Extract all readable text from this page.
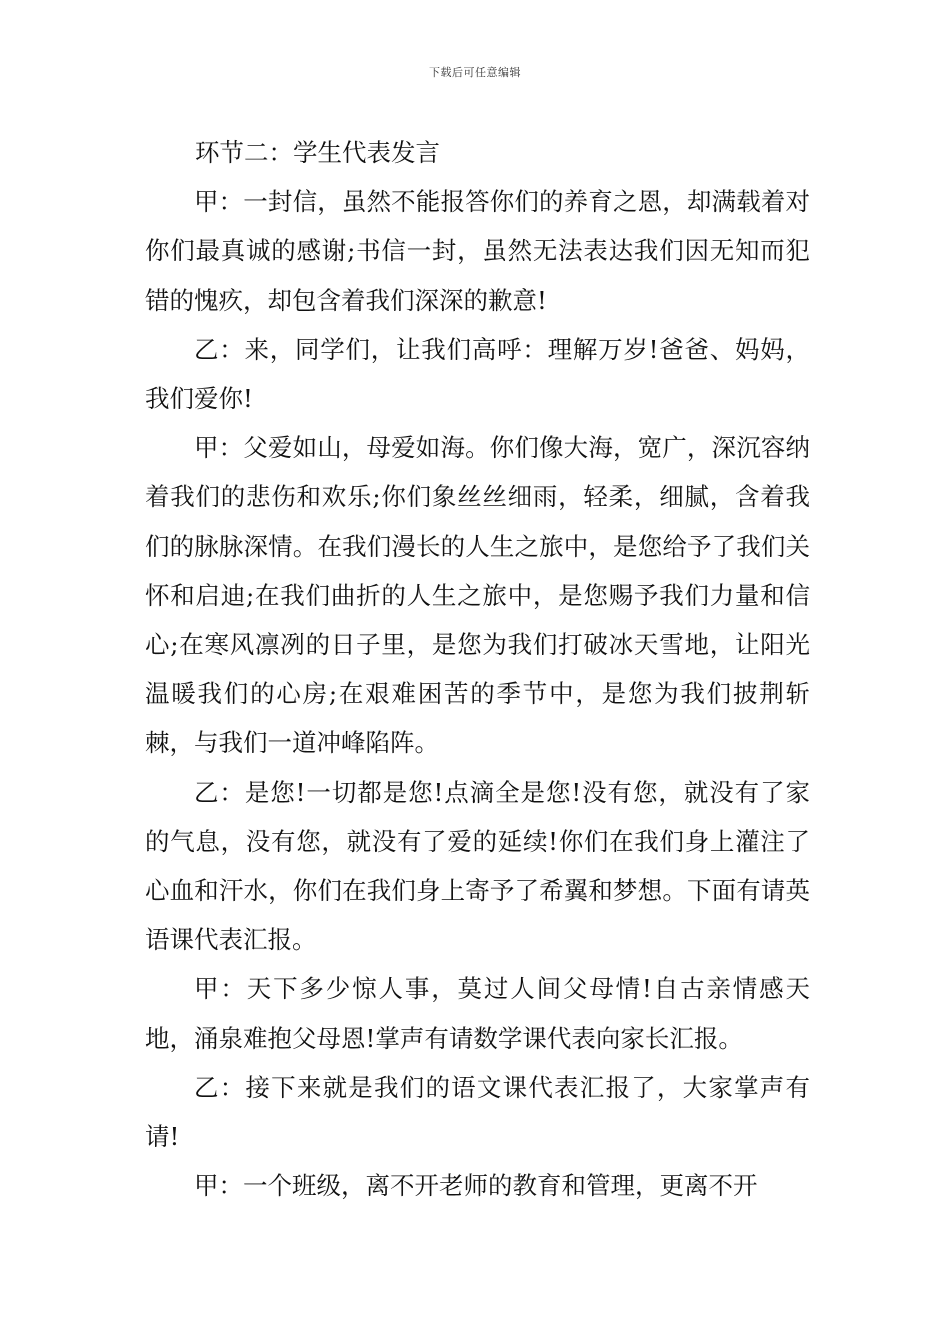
下载后可任意编辑

环节二：学生代表发言

甲：一封信，虽然不能报答你们的养育之恩，却满载着对你们最真诚的感谢;书信一封，虽然无法表达我们因无知而犯错的愧疚，却包含着我们深深的歉意!

乙：来，同学们，让我们高呼：理解万岁!爸爸、妈妈，我们爱你!

甲：父爱如山，母爱如海。你们像大海，宽广，深沉容纳着我们的悲伤和欢乐;你们象丝丝细雨，轻柔，细腻，含着我们的脉脉深情。在我们漫长的人生之旅中，是您给予了我们关怀和启迪;在我们曲折的人生之旅中，是您赐予我们力量和信心;在寒风凛冽的日子里，是您为我们打破冰天雪地，让阳光温暖我们的心房;在艰难困苦的季节中，是您为我们披荆斩棘，与我们一道冲峰陷阵。

乙：是您!一切都是您!点滴全是您!没有您，就没有了家的气息，没有您，就没有了爱的延续!你们在我们身上灌注了心血和汗水，你们在我们身上寄予了希翼和梦想。下面有请英语课代表汇报。

甲：天下多少惊人事，莫过人间父母情!自古亲情感天地，涌泉难抱父母恩!掌声有请数学课代表向家长汇报。

乙：接下来就是我们的语文课代表汇报了，大家掌声有请!

甲：一个班级，离不开老师的教育和管理，更离不开
